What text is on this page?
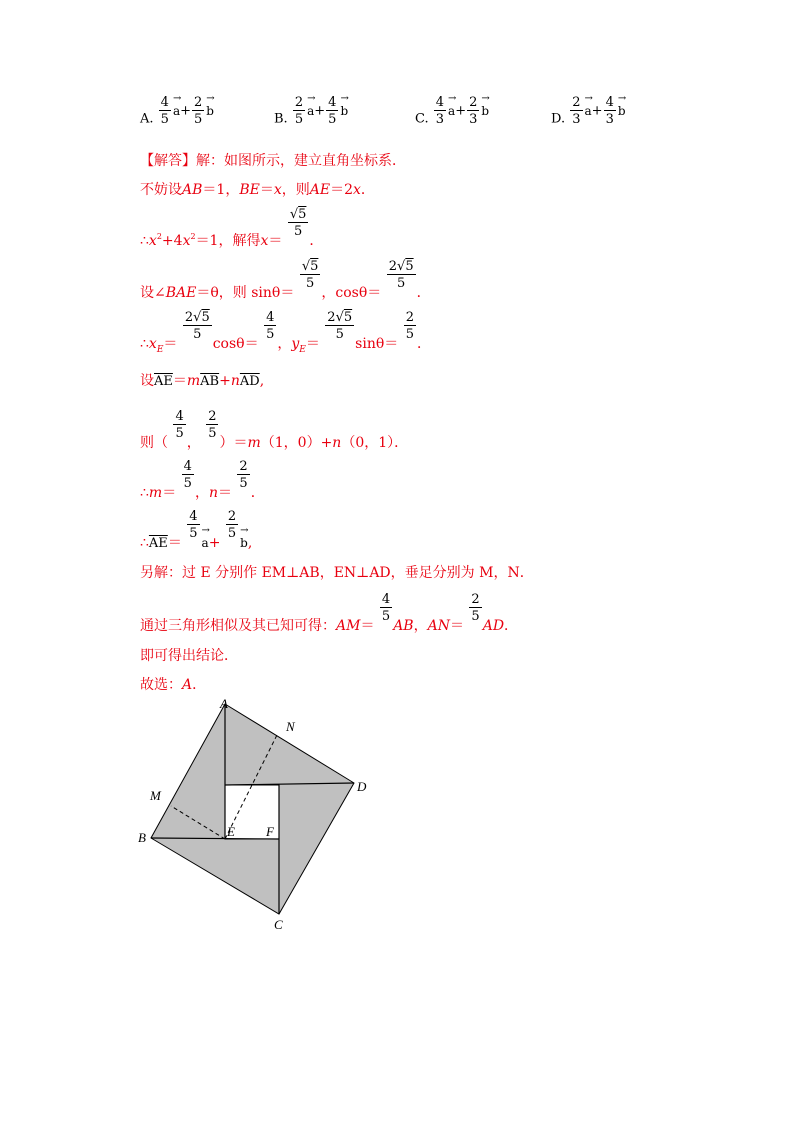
A. $\frac{4}{5} \to a+ \frac{2}{5} \to b$
B. $\frac{2}{5} \to a+ \frac{4}{5} \to b$
C. $\frac{4}{3} \to a+ \frac{2}{3} \to b$
D. $\frac{2}{3} \to a+ \frac{4}{3} \to b$
【解答】解：如图所示，建立直角坐标系．
不妨设AB＝1，BE＝x，则AE＝2x．
$\therefore x^2+4x^2=1$，解得x＝
$\frac{√5}{5}$
．
设∠BAE＝θ，则 sinθ＝
$\frac{√5}{5}$
，cosθ＝
$\frac{2√5}{5}$
．
$\therefore x_E=$
$\frac{2√5}{5}$
cosθ＝
$\frac{4}{5}$
，$y_E=$
$\frac{2√5}{5}$
sinθ＝
$\frac{2}{5}$
．
设$\overline{AE}=m\overline{AB}+n\overline{AD}$,
则（
$\frac{4}{5}$
，
$\frac{2}{5}$
）＝m（1，0）+n（0，1）．
∴m＝
$\frac{4}{5}$
，n＝
$\frac{2}{5}$
．
$\therefore\overline{AE}=$
$\frac{4}{5}$
→ a+
$\frac{2}{5}$
→ b,
另解：过 E 分别作 EM⊥AB，EN⊥AD，垂足分别为 M，N．
通过三角形相似及其已知可得：AM＝
$\frac{4}{5}$
AB，AN＝
$\frac{2}{5}$
AD．
即可得出结论．
故选：A．
A
N
D
M
B	E F
C
